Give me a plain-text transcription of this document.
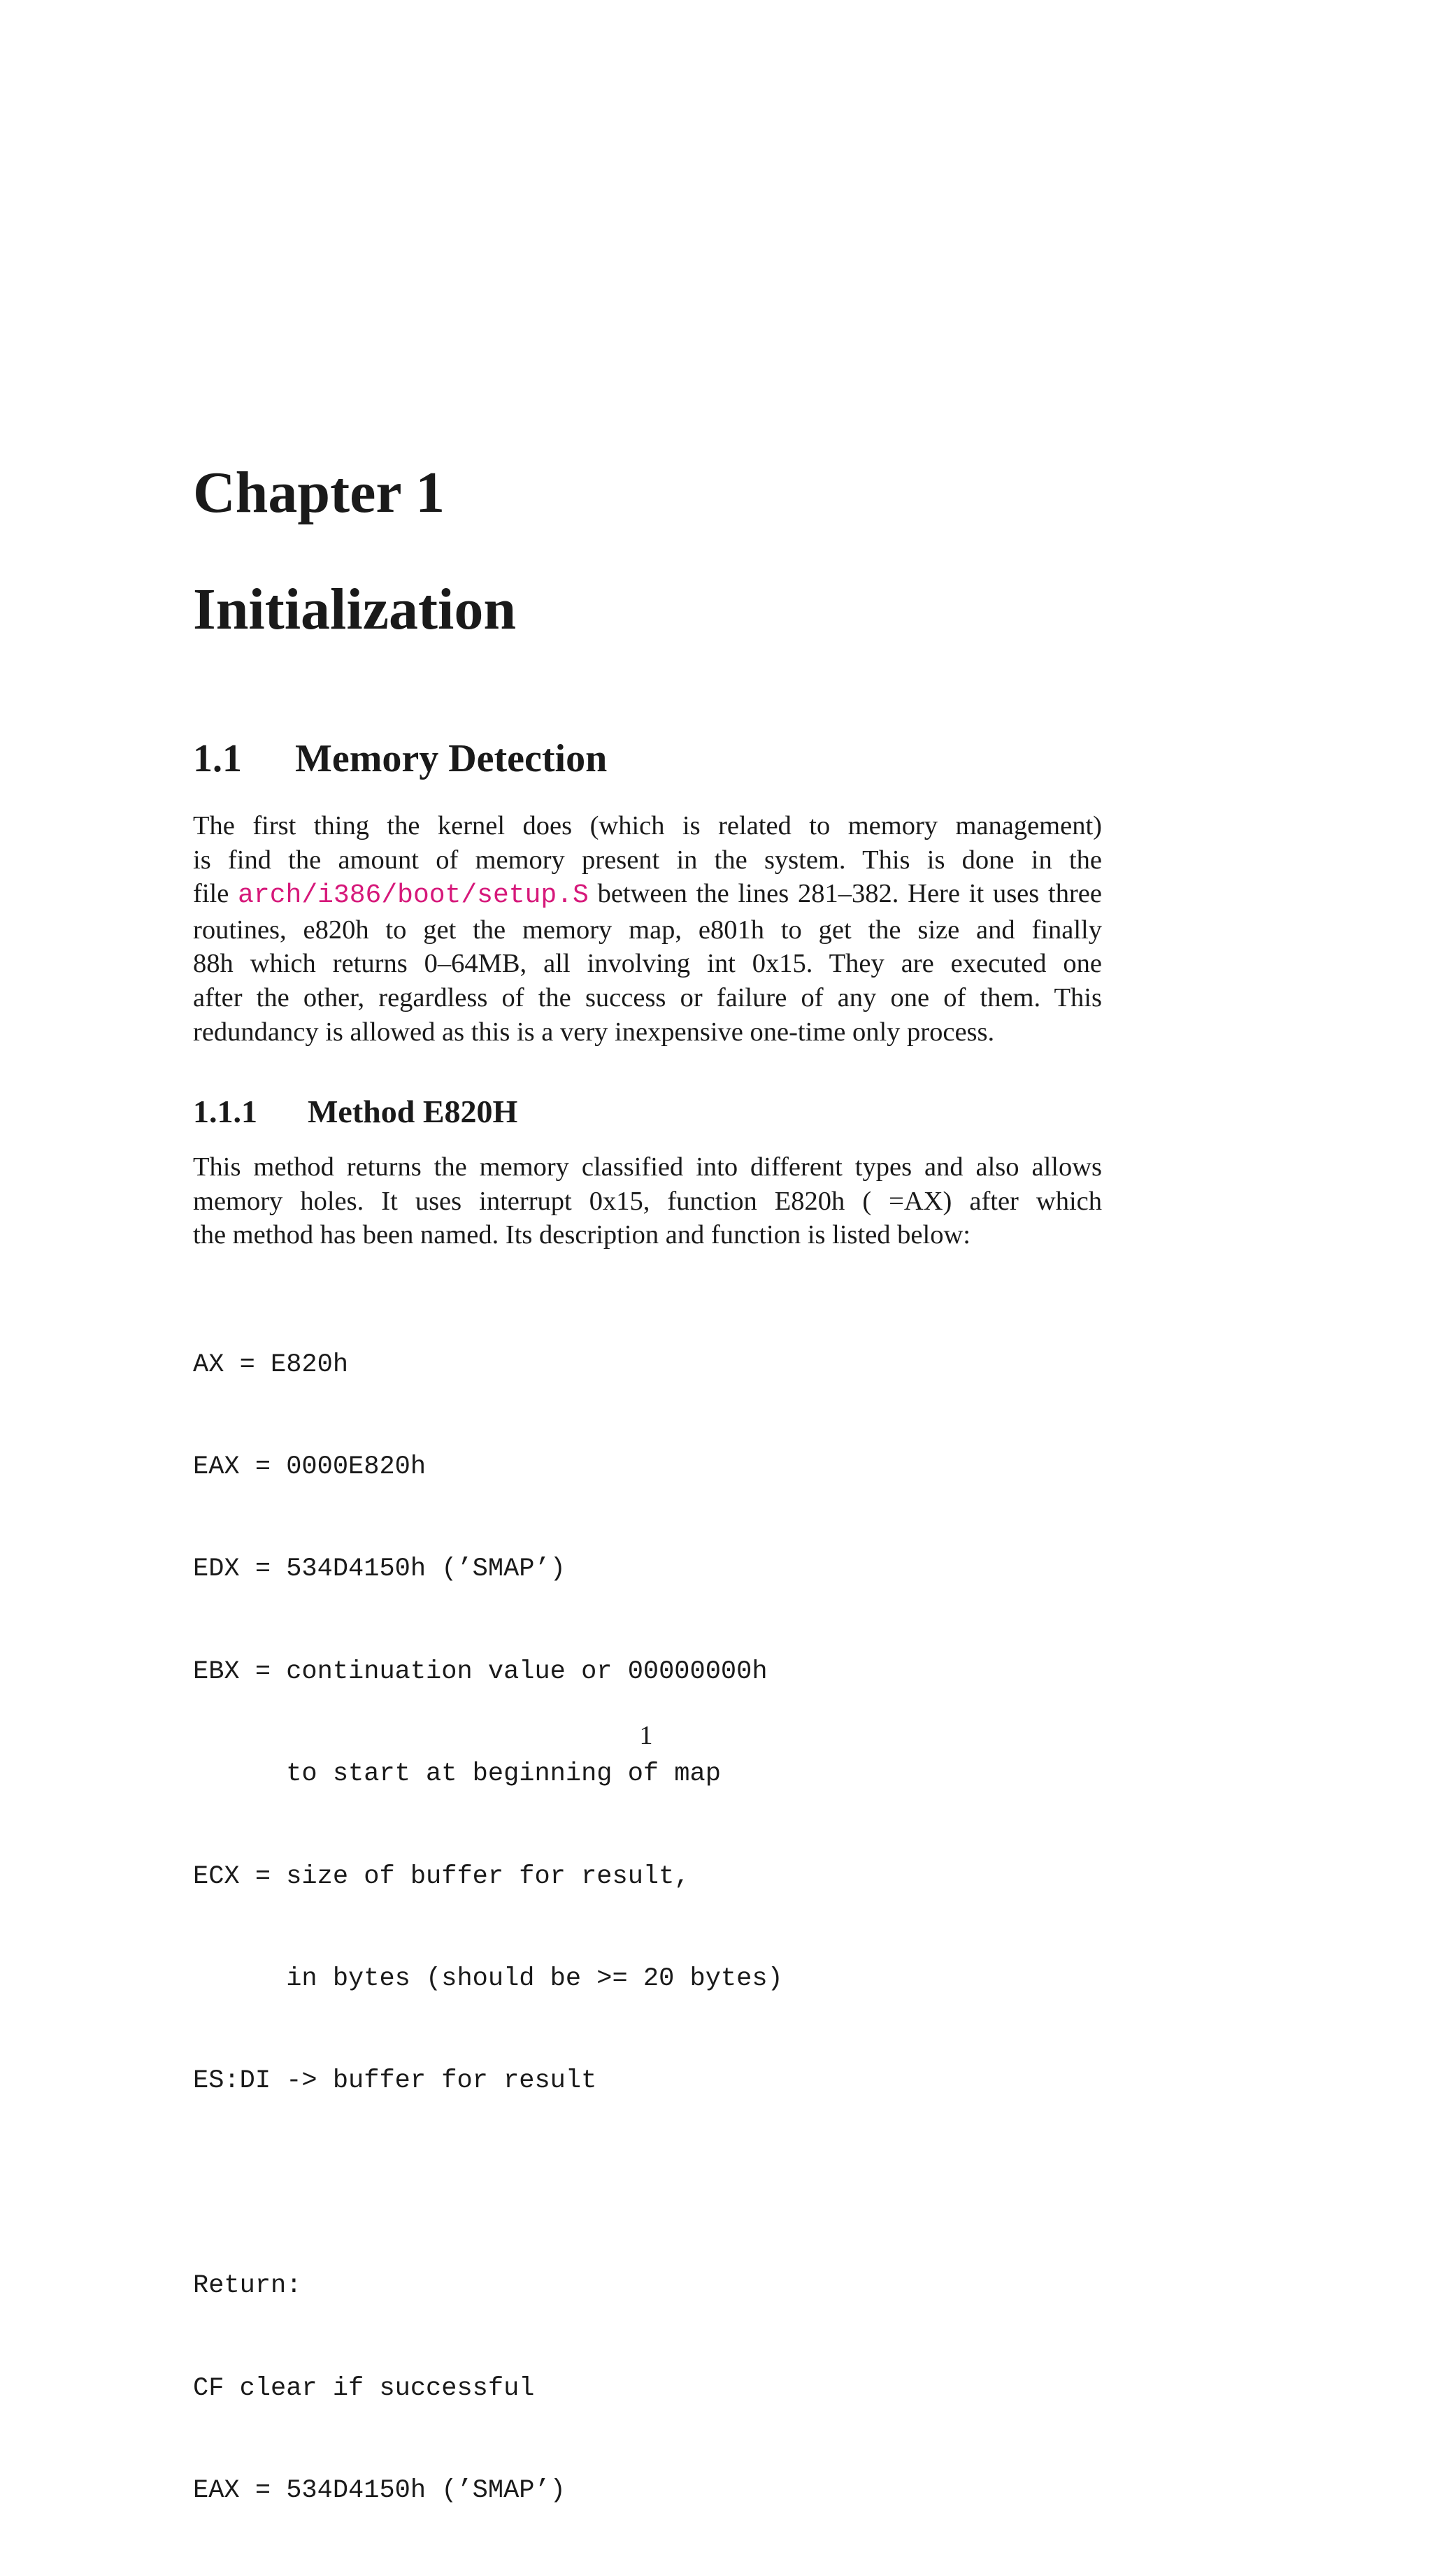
Chapter 1
Initialization
1.1 Memory Detection

The first thing the kernel does (which is related to memory management)
is find the amount of memory present in the system. This is done in the
file arch/i386/boot/setup.S between the lines 281–382. Here it uses three
routines, e820h to get the memory map, e801h to get the size and finally
88h which returns 0–64MB, all involving int 0x15. They are executed one
after the other, regardless of the success or failure of any one of them. This
redundancy is allowed as this is a very inexpensive one-time only process.

1.1.1 Method E820H

This method returns the memory classified into different types and also allows
memory holes. It uses interrupt 0x15, function E820h ( =AX) after which
the method has been named. Its description and function is listed below:

AX = E820h

EAX = 0000E820h

EDX = 534D4150h (’SMAP’)

EBX = continuation value or 00000000h

to start at beginning of map

ECX = size of buffer for result,

in bytes (should be >= 20 bytes)

ES:DI -> buffer for result

Return:

CF clear if successful

EAX = 534D4150h (’SMAP’)

1
